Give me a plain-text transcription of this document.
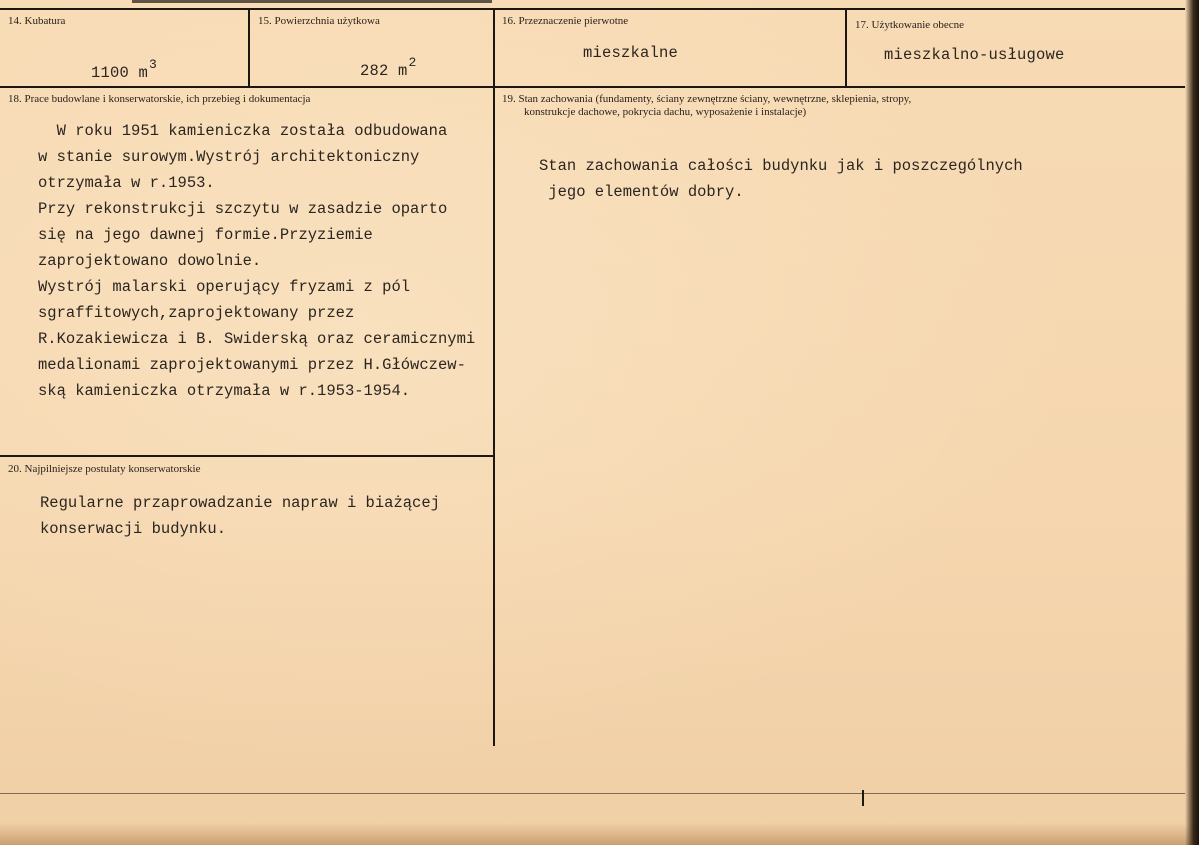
14. Kubatura

1100 $m^3$

15. Powierzchnia użytkowa

282 $m^2$

16. Przeznaczenie pierwotne
mieszkalne
17. Użytkowanie obecne
mieszkalno-usługowe
18. Prace budowlane i konserwatorskie, ich przebieg i dokumentacja
W roku 1951 kamieniczka została odbudowana
w stanie surowym.Wystrój architektoniczny
otrzymała w r.1953.
Przy rekonstrukcji szczytu w zasadzie oparto
się na jego dawnej formie.Przyziemie
zaprojektowano dowolnie.
Wystrój malarski operujący fryzami z pól
sgraffitowych,zaprojektowany przez
R.Kozakiewicza i B. Swiderską oraz ceramicznymi
medalionami zaprojektowanymi przez H.Główczew-
ską kamieniczka otrzymała w r.1953-1954.
19. Stan zachowania (fundamenty, ściany zewnętrzne ściany, wewnętrzne, sklepienia, stropy,
konstrukcje dachowe, pokrycia dachu, wyposażenie i instalacje)
Stan zachowania całości budynku jak i poszczególnych
jego elementów dobry.
20. Najpilniejsze postulaty konserwatorskie
Regularne przaprowadzanie napraw i biażącej
konserwacji budynku.
